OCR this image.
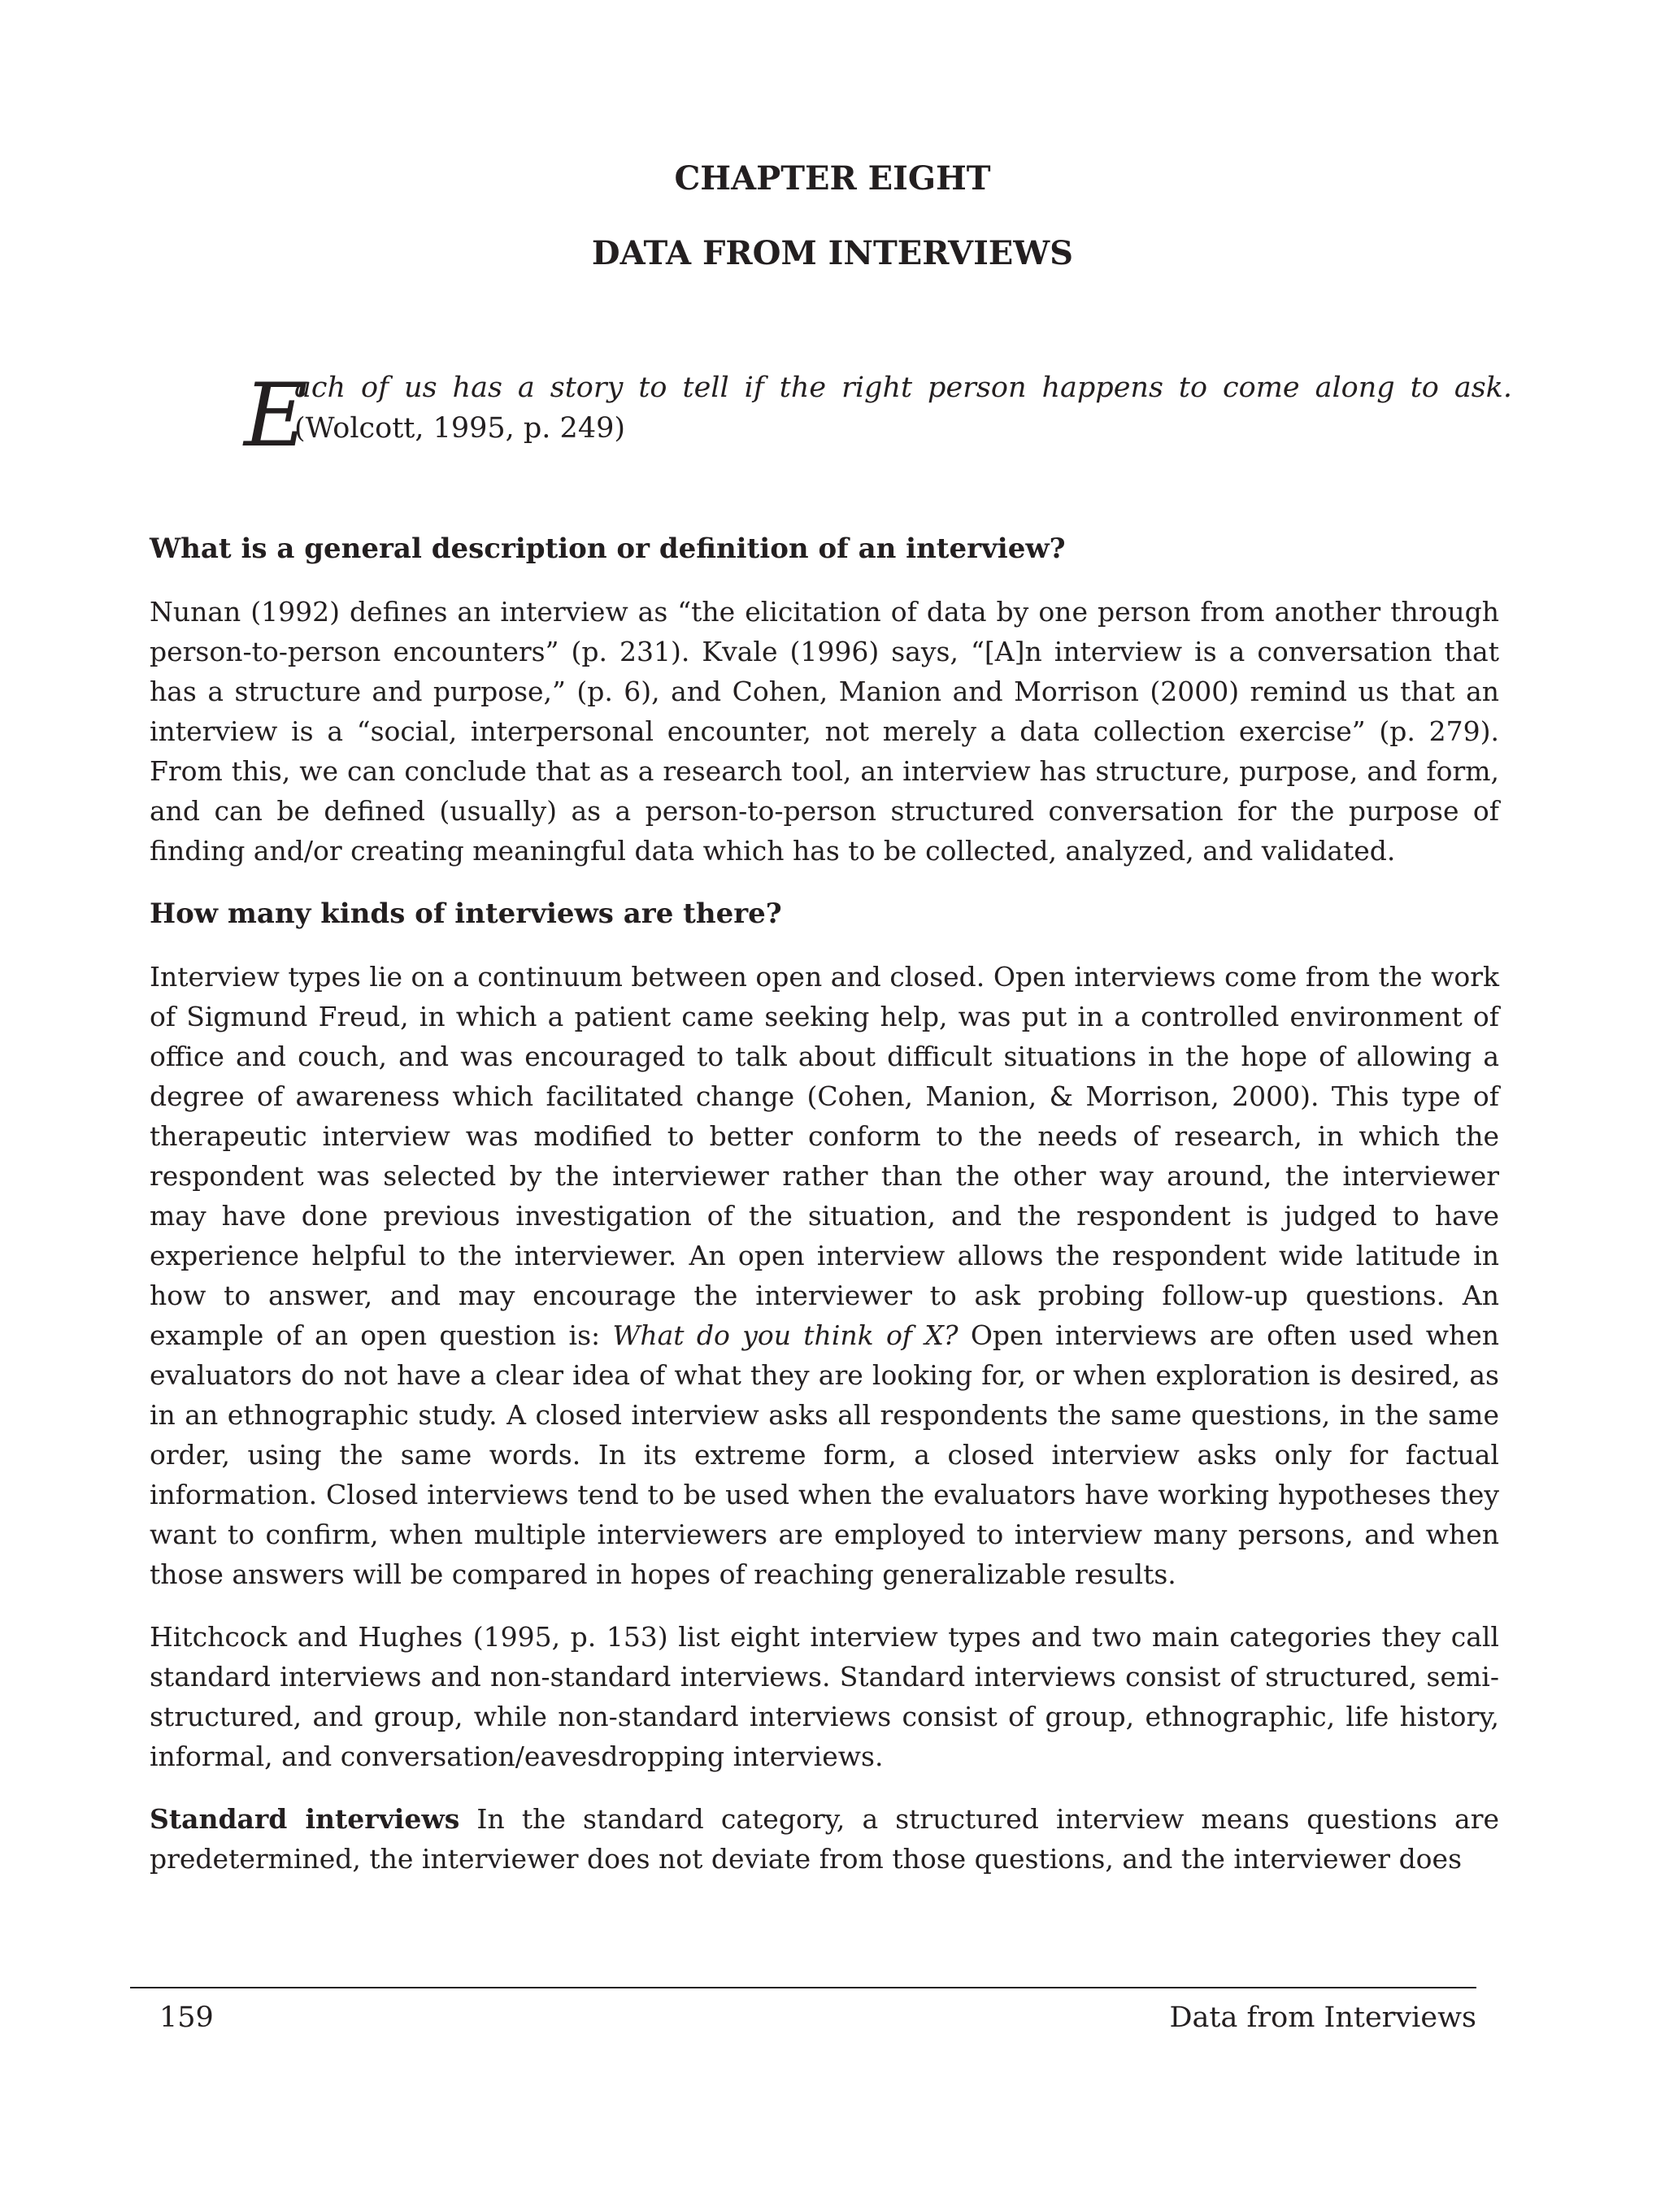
CHAPTER EIGHT
DATA FROM INTERVIEWS
E

ach of us has a story to tell if the right person happens to come along to ask. (Wolcott, 1995, p. 249)

What is a general description or definition of an interview?

Nunan (1992) defines an interview as “the elicitation of data by one person from another through person-to-person encounters” (p. 231). Kvale (1996) says, “[A]n interview is a conversation that has a structure and purpose,” (p. 6), and Cohen, Manion and Morrison (2000) remind us that an interview is a “social, interpersonal encounter, not merely a data collection exercise” (p. 279). From this, we can conclude that as a research tool, an interview has structure, purpose, and form, and can be defined (usually) as a person-to-person structured conversation for the purpose of finding and/or creating meaningful data which has to be collected, analyzed, and validated.

How many kinds of interviews are there?

Interview types lie on a continuum between open and closed. Open interviews come from the work of Sigmund Freud, in which a patient came seeking help, was put in a controlled environment of office and couch, and was encouraged to talk about difficult situations in the hope of allowing a degree of awareness which facilitated change (Cohen, Manion, & Morrison, 2000). This type of therapeutic interview was modified to better conform to the needs of research, in which the respondent was selected by the interviewer rather than the other way around, the interviewer may have done previous investigation of the situation, and the respondent is judged to have experience helpful to the interviewer. An open interview allows the respondent wide latitude in how to answer, and may encourage the interviewer to ask probing follow-up questions. An example of an open question is: What do you think of X? Open interviews are often used when evaluators do not have a clear idea of what they are looking for, or when exploration is desired, as in an ethnographic study. A closed interview asks all respondents the same questions, in the same order, using the same words. In its extreme form, a closed interview asks only for factual information. Closed interviews tend to be used when the evaluators have working hypotheses they want to confirm, when multiple interviewers are employed to interview many persons, and when those answers will be compared in hopes of reaching generalizable results.

Hitchcock and Hughes (1995, p. 153) list eight interview types and two main categories they call standard interviews and non-standard interviews. Standard interviews consist of structured, semi-structured, and group, while non-standard interviews consist of group, ethnographic, life history, informal, and conversation/eavesdropping interviews.

Standard interviews In the standard category, a structured interview means questions are predetermined, the interviewer does not deviate from those questions, and the interviewer does

159	Data from Interviews
